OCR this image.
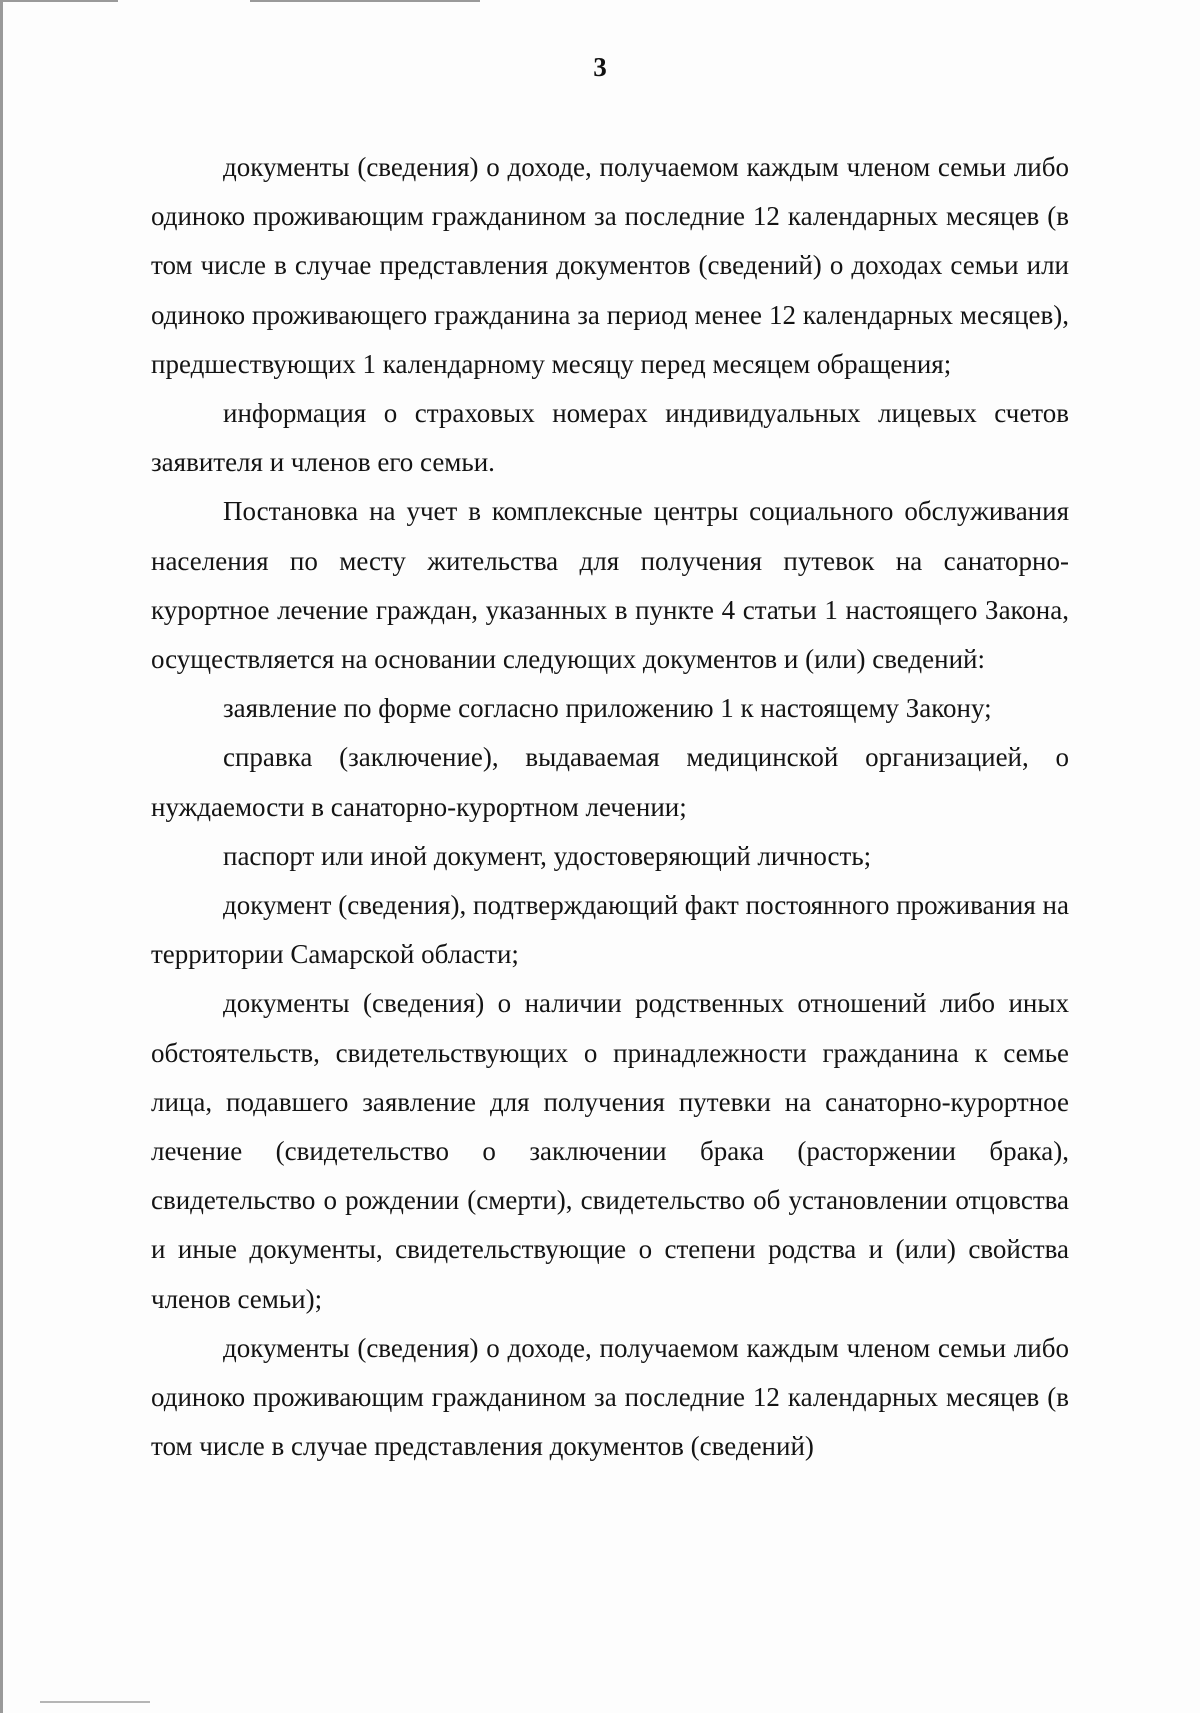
3

документы (сведения) о доходе, получаемом каждым членом семьи либо одиноко проживающим гражданином за последние 12 календарных месяцев (в том числе в случае представления документов (сведений) о доходах семьи или одиноко проживающего гражданина за период менее 12 календарных месяцев), предшествующих 1 календарному месяцу перед месяцем обращения;

информация о страховых номерах индивидуальных лицевых счетов заявителя и членов его семьи.

Постановка на учет в комплексные центры социального обслуживания населения по месту жительства для получения путевок на санаторно-курортное лечение граждан, указанных в пункте 4 статьи 1 настоящего Закона, осуществляется на основании следующих документов и (или) сведений:

заявление по форме согласно приложению 1 к настоящему Закону;

справка (заключение), выдаваемая медицинской организацией, о нуждаемости в санаторно-курортном лечении;

паспорт или иной документ, удостоверяющий личность;

документ (сведения), подтверждающий факт постоянного проживания на территории Самарской области;

документы (сведения) о наличии родственных отношений либо иных обстоятельств, свидетельствующих о принадлежности гражданина к семье лица, подавшего заявление для получения путевки на санаторно-курортное лечение (свидетельство о заключении брака (расторжении брака), свидетельство о рождении (смерти), свидетельство об установлении отцовства и иные документы, свидетельствующие о степени родства и (или) свойства членов семьи);

документы (сведения) о доходе, получаемом каждым членом семьи либо одиноко проживающим гражданином за последние 12 календарных месяцев (в том числе в случае представления документов (сведений)
